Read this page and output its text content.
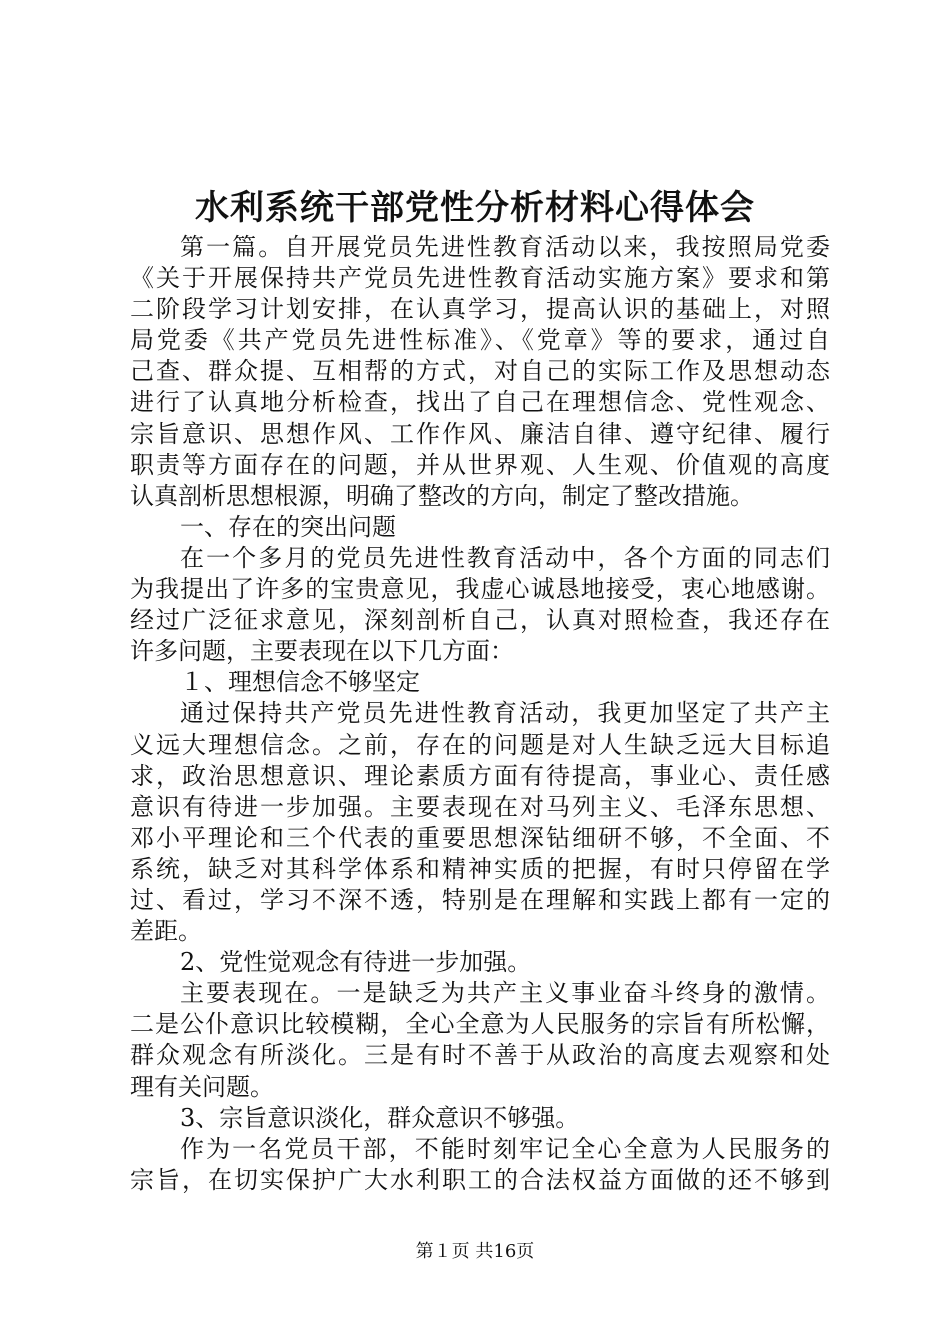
水利系统干部党性分析材料心得体会
第一篇。自开展党员先进性教育活动以来，我按照局党委
《关于开展保持共产党员先进性教育活动实施方案》要求和第
二阶段学习计划安排，在认真学习，提高认识的基础上，对照
局党委《共产党员先进性标准》、《党章》等的要求，通过自
己查、群众提、互相帮的方式，对自己的实际工作及思想动态
进行了认真地分析检查，找出了自己在理想信念、党性观念、
宗旨意识、思想作风、工作作风、廉洁自律、遵守纪律、履行
职责等方面存在的问题，并从世界观、人生观、价值观的高度
认真剖析思想根源，明确了整改的方向，制定了整改措施。
一、存在的突出问题
在一个多月的党员先进性教育活动中，各个方面的同志们
为我提出了许多的宝贵意见，我虚心诚恳地接受，衷心地感谢。
经过广泛征求意见，深刻剖析自己，认真对照检查，我还存在
许多问题，主要表现在以下几方面：
１、理想信念不够坚定
通过保持共产党员先进性教育活动，我更加坚定了共产主
义远大理想信念。之前，存在的问题是对人生缺乏远大目标追
求，政治思想意识、理论素质方面有待提高，事业心、责任感
意识有待进一步加强。主要表现在对马列主义、毛泽东思想、
邓小平理论和三个代表的重要思想深钻细研不够，不全面、不
系统，缺乏对其科学体系和精神实质的把握，有时只停留在学
过、看过，学习不深不透，特别是在理解和实践上都有一定的
差距。
2、党性觉观念有待进一步加强。
主要表现在。一是缺乏为共产主义事业奋斗终身的激情。
二是公仆意识比较模糊，全心全意为人民服务的宗旨有所松懈，
群众观念有所淡化。三是有时不善于从政治的高度去观察和处
理有关问题。
3、宗旨意识淡化，群众意识不够强。
作为一名党员干部，不能时刻牢记全心全意为人民服务的
宗旨，在切实保护广大水利职工的合法权益方面做的还不够到
第１页 共16页
